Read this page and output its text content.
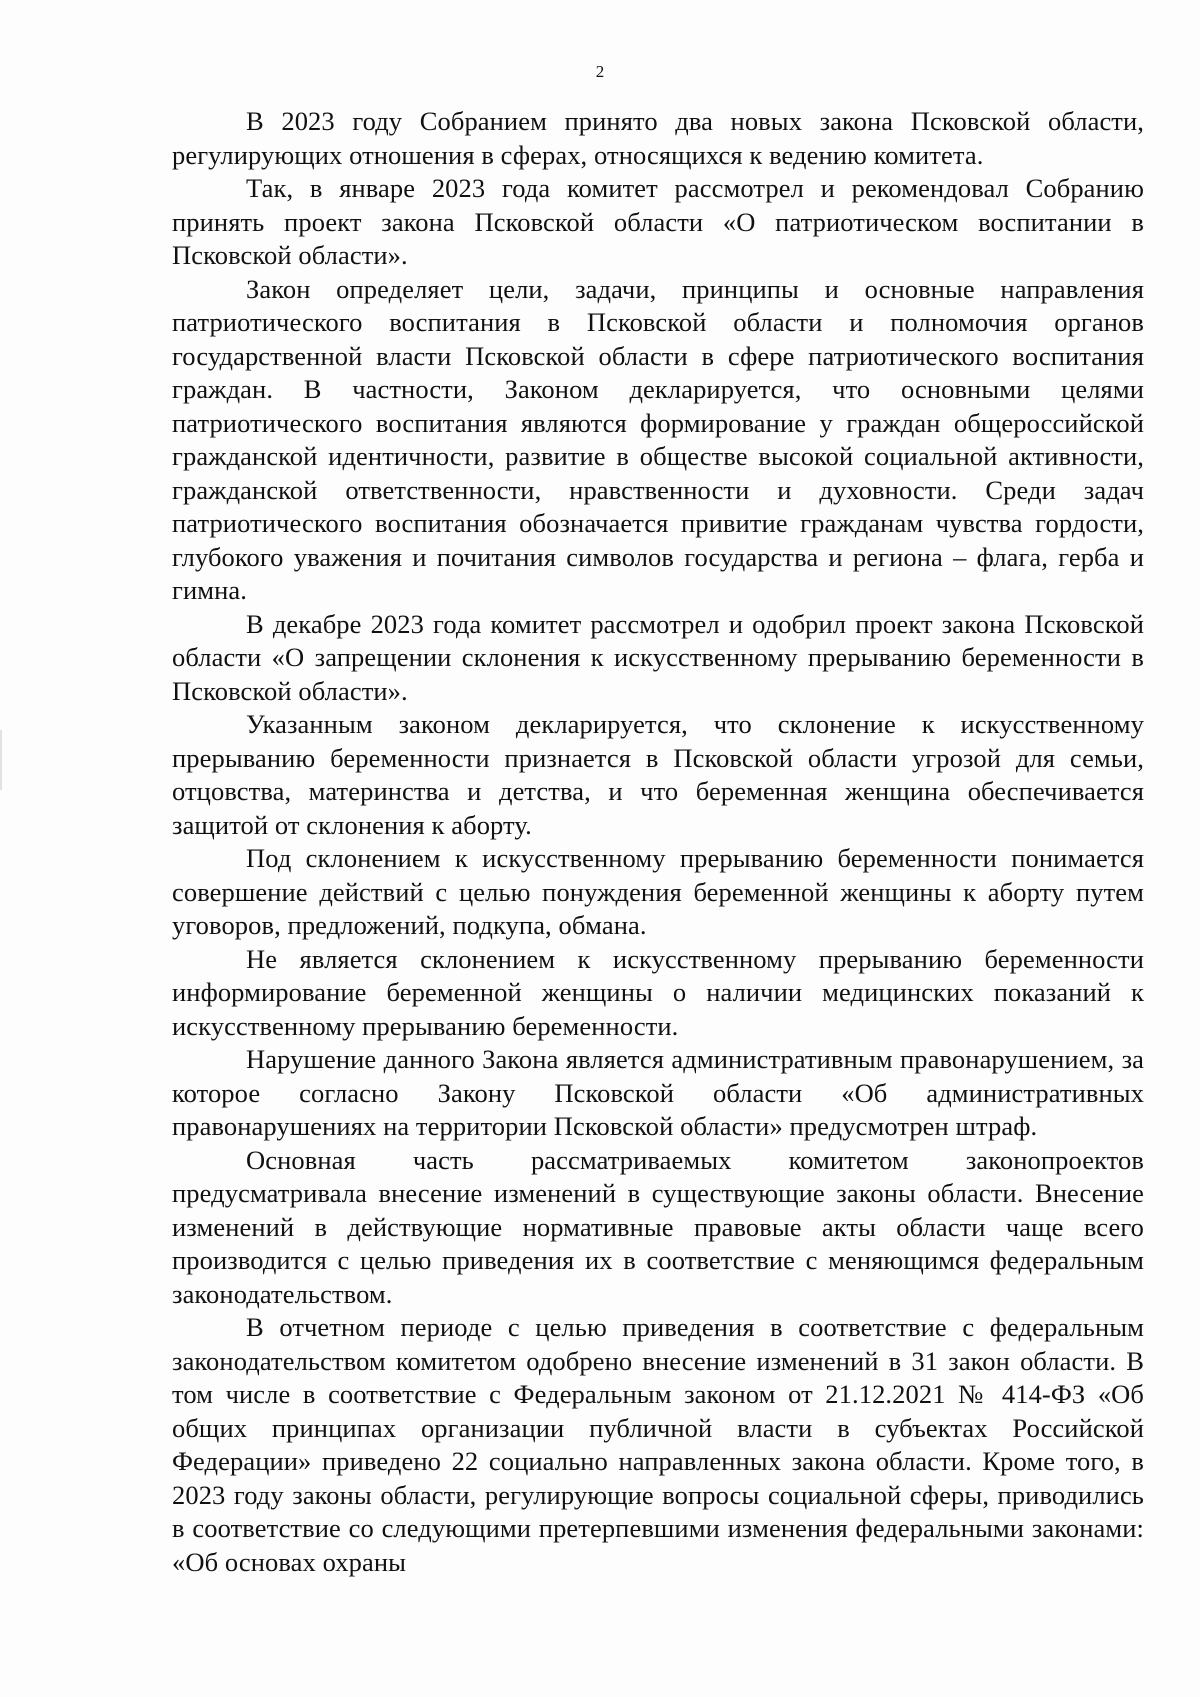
2

В 2023 году Собранием принято два новых закона Псковской области, регулирующих отношения в сферах, относящихся к ведению комитета.

Так, в январе 2023 года комитет рассмотрел и рекомендовал Собранию принять проект закона Псковской области «О патриотическом воспитании в Псковской области».

Закон определяет цели, задачи, принципы и основные направления патриотического воспитания в Псковской области и полномочия органов государственной власти Псковской области в сфере патриотического воспитания граждан. В частности, Законом декларируется, что основными целями патриотического воспитания являются формирование у граждан общероссийской гражданской идентичности, развитие в обществе высокой социальной активности, гражданской ответственности, нравственности и духовности. Среди задач патриотического воспитания обозначается привитие гражданам чувства гордости, глубокого уважения и почитания символов государства и региона – флага, герба и гимна.

В декабре 2023 года комитет рассмотрел и одобрил проект закона Псковской области «О запрещении склонения к искусственному прерыванию беременности в Псковской области».

Указанным законом декларируется, что склонение к искусственному прерыванию беременности признается в Псковской области угрозой для семьи, отцовства, материнства и детства, и что беременная женщина обеспечивается защитой от склонения к аборту.

Под склонением к искусственному прерыванию беременности понимается совершение действий с целью понуждения беременной женщины к аборту путем уговоров, предложений, подкупа, обмана.

Не является склонением к искусственному прерыванию беременности информирование беременной женщины о наличии медицинских показаний к искусственному прерыванию беременности.

Нарушение данного Закона является административным правонарушением, за которое согласно Закону Псковской области «Об административных правонарушениях на территории Псковской области» предусмотрен штраф.

Основная часть рассматриваемых комитетом законопроектов предусматривала внесение изменений в существующие законы области. Внесение изменений в действующие нормативные правовые акты области чаще всего производится с целью приведения их в соответствие с меняющимся федеральным законодательством.

В отчетном периоде с целью приведения в соответствие с федеральным законодательством комитетом одобрено внесение изменений в 31 закон области. В том числе в соответствие с Федеральным законом от 21.12.2021 № 414-ФЗ «Об общих принципах организации публичной власти в субъектах Российской Федерации» приведено 22 социально направленных закона области. Кроме того, в 2023 году законы области, регулирующие вопросы социальной сферы, приводились в соответствие со следующими претерпевшими изменения федеральными законами: «Об основах охраны
